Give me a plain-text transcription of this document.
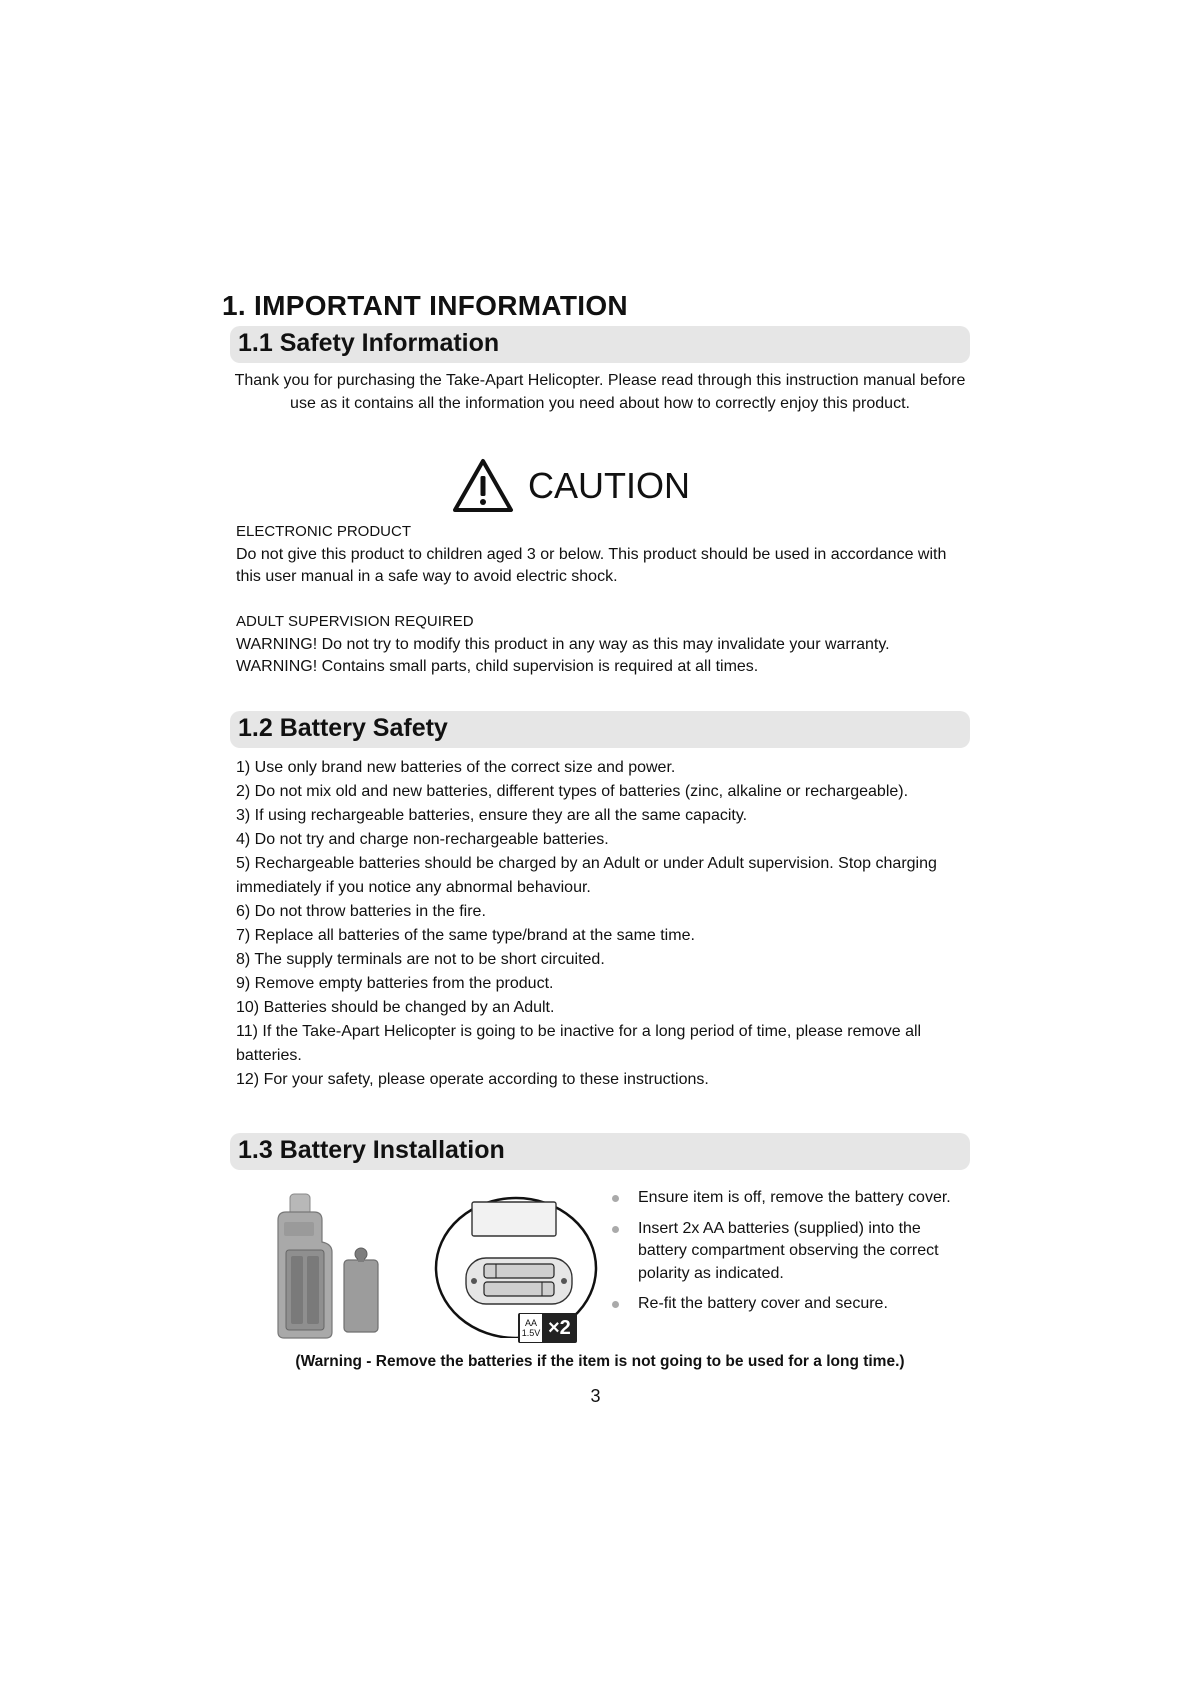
1. IMPORTANT INFORMATION
1.1 Safety Information

Thank you for purchasing the Take-Apart Helicopter. Please read through this instruction manual before use as it contains all the information you need about how to correctly enjoy this product.

CAUTION

ELECTRONIC PRODUCT

Do not give this product to children aged 3 or below. This product should be used in accordance with this user manual in a safe way to avoid electric shock.

ADULT SUPERVISION REQUIRED

WARNING! Do not try to modify this product in any way as this may invalidate your warranty.

WARNING! Contains small parts, child supervision is required at all times.

1.2 Battery Safety
1) Use only brand new batteries of the correct size and power.
2) Do not mix old and new batteries, different types of batteries (zinc, alkaline or rechargeable).
3) If using rechargeable batteries, ensure they are all the same capacity.
4) Do not try and charge non-rechargeable batteries.
5) Rechargeable batteries should be charged by an Adult or under Adult supervision. Stop charging immediately if you notice any abnormal behaviour.
6) Do not throw batteries in the fire.
7) Replace all batteries of the same type/brand at the same time.
8) The supply terminals are not to be short circuited.
9) Remove empty batteries from the product.
10) Batteries should be changed by an Adult.
11) If the Take-Apart Helicopter is going to be inactive for a long period of time, please remove all batteries.
12) For your safety, please operate according to these instructions.
1.3 Battery Installation
AA
1.5V ×2
Ensure item is off, remove the battery cover.
Insert 2x AA batteries (supplied) into the battery compartment observing the correct polarity as indicated.
Re-fit the battery cover and secure.

(Warning - Remove the batteries if the item is not going to be used for a long time.)

3
